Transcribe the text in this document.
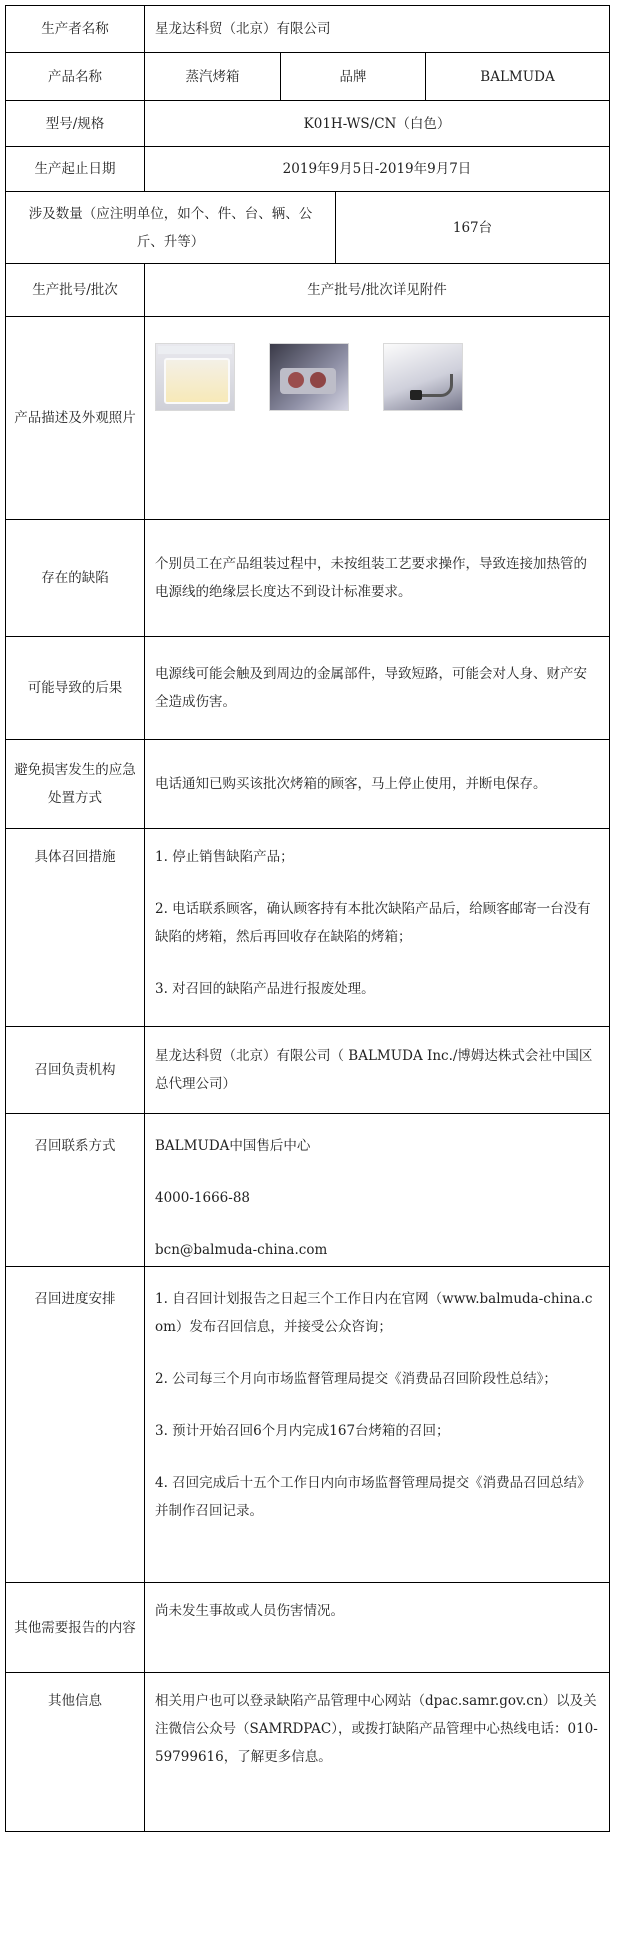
生产者名称	星龙达科贸（北京）有限公司			
产品名称	蒸汽烤箱	品牌		BALMUDA
型号/规格	K01H-WS/CN（白色）			
生产起止日期	2019年9月5日-2019年9月7日			
涉及数量（应注明单位，如个、件、台、辆、公斤、升等）			167台	
生产批号/批次	生产批号/批次详见附件			
产品描述及外观照片				

存在的缺陷	个别员工在产品组装过程中，未按组装工艺要求操作，导致连接加热管的电源线的绝缘层长度达不到设计标准要求。			
可能导致的后果	电源线可能会触及到周边的金属部件，导致短路，可能会对人身、财产安全造成伤害。			
避免损害发生的应急处置方式	电话通知已购买该批次烤箱的顾客，马上停止使用，并断电保存。			
具体召回措施	1. 停止销售缺陷产品；

2. 电话联系顾客，确认顾客持有本批次缺陷产品后，给顾客邮寄一台没有缺陷的烤箱，然后再回收存在缺陷的烤箱；

3. 对召回的缺陷产品进行报废处理。			

召回负责机构	星龙达科贸（北京）有限公司（ BALMUDA Inc./博姆达株式会社中国区总代理公司）			
召回联系方式	BALMUDA中国售后中心

4000-1666-88

bcn@balmuda-china.com			

召回进度安排	1. 自召回计划报告之日起三个工作日内在官网（www.balmuda-china.com）发布召回信息，并接受公众咨询；

2. 公司每三个月向市场监督管理局提交《消费品召回阶段性总结》；

3. 预计开始召回6个月内完成167台烤箱的召回；

4. 召回完成后十五个工作日内向市场监督管理局提交《消费品召回总结》并制作召回记录。			

其他需要报告的内容	尚未发生事故或人员伤害情况。			
其他信息	相关用户也可以登录缺陷产品管理中心网站（dpac.samr.gov.cn）以及关注微信公众号（SAMRDPAC），或拨打缺陷产品管理中心热线电话：010-59799616，了解更多信息。			
